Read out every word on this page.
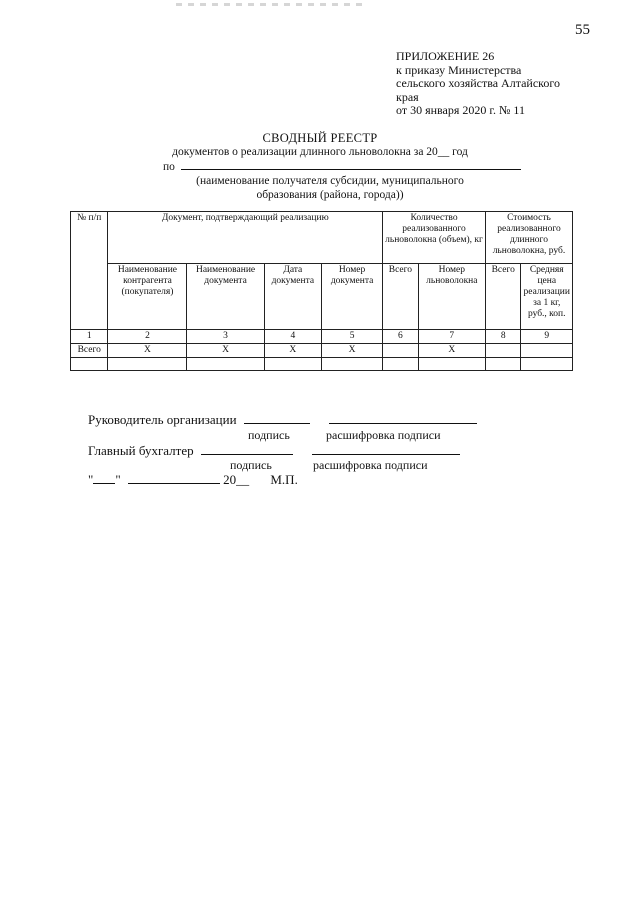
55
ПРИЛОЖЕНИЕ 26
к приказу Министерства
сельского хозяйства Алтайского
края
от 30 января 2020 г. № 11
СВОДНЫЙ РЕЕСТР
документов о реализации длинного льноволокна за 20__ год
по
(наименование получателя субсидии, муниципального
образования (района, города))
№ п/п	Документ, подтверждающий реализацию				Количество реализованного льноволокна (объем), кг		Стоимость реализованного длинного льноволокна, руб.	
	Наименование контрагента (покупателя)	Наименование документа	Дата документа	Номер документа	Всего	Номер льноволокна	Всего	Средняя цена реализации за 1 кг, руб., коп.
1	2	3	4	5	6	7	8	9
Всего	X	X	X	X		X		

Руководитель организации
подпись	расшифровка подписи
Главный бухгалтер
подпись	расшифровка подписи
" "	20__ М.П.
